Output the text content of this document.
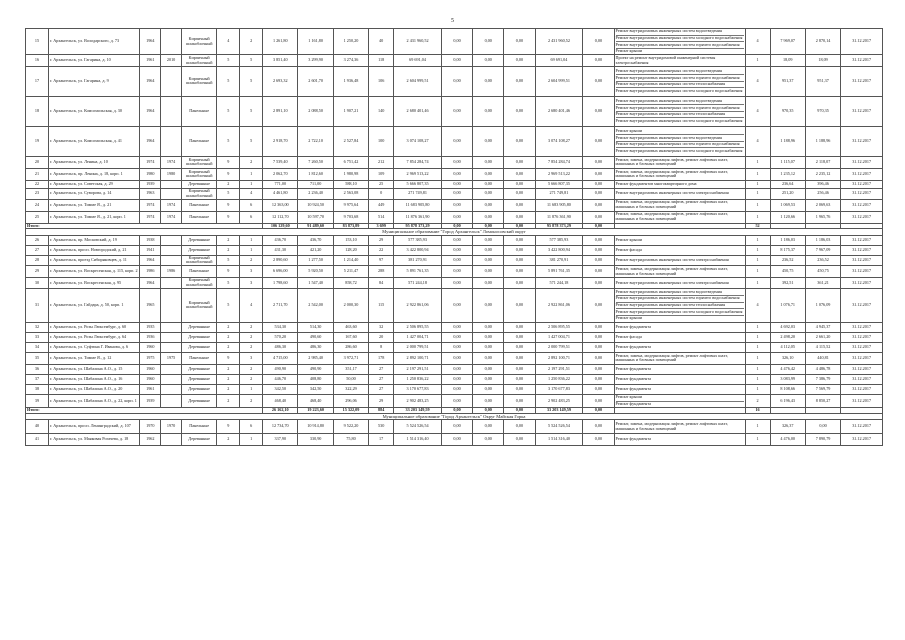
5
15	г. Архангельск, ул. Володарского, д. 73	1964		Кирпичный шлакоблочный	4	2	1 261,80	1 161,80	1 250,20	40	2 431 960,52	0,00	0,00	0,00	2 431 960,52	0,00	Ремонт внутридомовых инженерных систем водоотведения
Ремонт внутридомовых инженерных систем холодного водоснабжения
Ремонт внутридомовых инженерных систем горячего водоснабжения
Ремонт крыши	4	7 969,07	2 870,14	31.12.2017
16	г. Архангельск, ул. Гагарина, д. 10	1961	2010	Кирпичный шлакоблочный	5	5	3 851,40	3 299,90	3 274,36	118	69 691,04	0,00	0,00	0,00	69 691,04	0,00	Проект на ремонт внутридомовой инженерной системы электроснабжения	1	18,09	18,09	31.12.2017
17	г. Архангельск, ул. Гагарина, д. 9	1964		Кирпичный шлакоблочный	5	5	2 693,32	2 601,70	1 936,48	106	2 604 999,51	0,00	0,00	0,00	2 604 999,51	0,00	Ремонт внутридомовых инженерных систем водоотведения
Ремонт внутридомовых инженерных систем горячего водоснабжения
Ремонт внутридомовых инженерных систем теплоснабжения
Ремонт внутридомовых инженерных систем холодного водоснабжения	4	951,37	951,37	31.12.2017
18	г. Архангельск, ул. Комсомольская, д. 30	1964		Панельные	5	5	2 891,10	2 088,50	1 907,21	140	2 680 401,46	0,00	0,00	0,00	2 680 401,46	0,00	Ремонт внутридомовых инженерных систем водоотведения
Ремонт внутридомовых инженерных систем горячего водоснабжения
Ремонт внутридомовых инженерных систем теплоснабжения
Ремонт внутридомовых инженерных систем холодного водоснабжения	4	970,35	970,35	31.12.2017
19	г. Архангельск, ул. Комсомольская, д. 41	1964		Панельные	5	5	2 918,70	2 722,10	2 527,84	100	3 074 108,27	0,00	0,00	0,00	3 074 108,27	0,00	Ремонт крыши
Ремонт внутридомовых инженерных систем водоотведения
Ремонт внутридомовых инженерных систем горячего водоснабжения
Ремонт внутридомовых инженерных систем холодного водоснабжения	4	1 188,96	1 188,96	31.12.2017
20	г. Архангельск, ул. Ленина, д. 10	1974	1974	Кирпичный шлакоблочный	9	2	7 539,40	7 260,50	6 751,42	212	7 854 284,74	0,00	0,00	0,00	7 854 284,74	0,00	Ремонт, замена, модернизация лифтов, ремонт лифтовых шахт, машинных и блочных помещений	1	1 115,07	2 118,07	31.12.2017
21	г. Архангельск, пр. Ленина, д. 18, корп. 1	1980	1980	Кирпичный шлакоблочный	9	1	2 062,70	1 812,60	1 980,98	109	2 969 513,22	0,00	0,00	0,00	2 969 513,22	0,00	Ремонт, замена, модернизация лифтов, ремонт лифтовых шахт, машинных и блочных помещений	1	1 235,12	2 235,12	31.12.2017
22	г. Архангельск, ул. Советская, д. 29	1939		Деревянные	2	1	771,00	711,00	588,10	25	5 666 807,35	0,00	0,00	0,00	5 666 807,35	0,00	Ремонт фундаментов многоквартирного дома	1	236,64	396,46	31.12.2017
23	г. Архангельск, ул. Суворова, д. 14	1963		Кирпичный шлакоблочный	5	4	4 461,80	2 236,40	2 563,08	0	271 749,81	0,00	0,00	0,00	271 749,81	0,00	Ремонт внутридомовых инженерных систем электроснабжения	1	251,20	256,46	31.12.2017
24	г. Архангельск, ул. Тимме Я., д. 21	1974	1974	Панельные	9	6	12 363,00	10 924,50	9 975,64	449	11 683 905,80	0,00	0,00	0,00	11 683 905,80	0,00	Ремонт, замена, модернизация лифтов, ремонт лифтовых шахт, машинных и блочных помещений	1	1 069,53	2 069,63	31.12.2017
25	г. Архангельск, ул. Тимме Я., д. 21, корп. 1	1974	1974	Панельные	9	6	12 112,70	10 597,70	9 703,68	514	11 876 361,90	0,00	0,00	0,00	11 876 361,90	0,00	Ремонт, замена, модернизация лифтов, ремонт лифтовых шахт, машинных и блочных помещений	1	1 120,66	1 965,76	31.12.2017
Итого:							106 129,60	91 489,60	83 873,89	3 699	95 878 373,29	0,00	0,00	0,00	95 878 373,29	0,00		52			
Муниципальное образование "Город Архангельск" Ломоносовский округ																					
26	г. Архангельск, пр. Московский, д. 19	1938		Деревянные	2	1	436,70	436,70	153,10	29	577 385,93	0,00	0,00	0,00	577 385,93	0,00	Ремонт крыши	1	1 186,03	1 186,03	31.12.2017
27	г. Архангельск, просп. Новгородский, д. 21	1941		Деревянные	2	1	431,30	421,20	128,20	22	3 422 800,94	0,00	0,00	0,00	3 422 800,94	0,00	Ремонт фасада	1	8 175,37	7 967,09	31.12.2017
28	г. Архангельск, проезд Сибиряковцев, д. 11	1964		Кирпичный шлакоблочный	5	2	2 890,60	1 277,50	1 214,40	97	381 270,91	0,00	0,00	0,00	381 270,91	0,00	Ремонт внутридомовых инженерных систем электроснабжения	1	236,52	236,52	31.12.2017
29	г. Архангельск, ул. Воскресенская, д. 115, корп. 2	1986	1986	Панельные	9	3	6 696,00	5 920,50	5 211,47	288	5 891 761,35	0,00	0,00	0,00	5 891 761,35	0,00	Ремонт, замена, модернизация лифтов, ремонт лифтовых шахт, машинных и блочных помещений	1	450,75	450,75	31.12.2017
30	г. Архангельск, ул. Воскресенская, д. 95	1964		Кирпичный шлакоблочный	5	3	1 798,60	1 547,40	858,72	84	571 244,18	0,00	0,00	0,00	571 244,18	0,00	Ремонт внутридомовых инженерных систем электроснабжения	1	392,51	361,21	31.12.2017
31	г. Архангельск, ул. Гайдара, д. 50, корп. 1	1965		Кирпичный шлакоблочный	5	4	2 711,70	2 542,00	2 000,30	115	2 922 861,06	0,00	0,00	0,00	2 922 861,06	0,00	Ремонт внутридомовых инженерных систем водоотведения
Ремонт внутридомовых инженерных систем горячего водоснабжения
Ремонт внутридомовых инженерных систем теплоснабжения
Ремонт внутридомовых инженерных систем холодного водоснабжения
Ремонт крыши	4	1 076,71	1 076,09	31.12.2017
32	г. Архангельск, ул. Розы Люксембург, д. 60	1935		Деревянные	2	2	534,30	514,30	463,60	32	2 506 895,55	0,00	0,00	0,00	2 506 895,55	0,00	Ремонт фундамента	1	4 692,03	4 945,37	31.12.2017
33	г. Архангельск, ул. Розы Люксембург, д. 64	1936		Деревянные	2	2	570,20	490,60	167,60	20	1 427 004,71	0,00	0,00	0,00	1 427 004,71	0,00	Ремонт фасада	1	2 498,20	2 661,20	31.12.2017
34	г. Архангельск, ул. Суфтина Г. Ивановa, д. 6	1960		Деревянные	2	2	486,30	486,30	286,60	8	2 000 799,51	0,00	0,00	0,00	2 000 799,51	0,00	Ремонт фундамента	1	4 112,05	4 115,52	31.12.2017
35	г. Архангельск, ул. Тимме Я., д. 12	1975	1975	Панельные	9	3	4 715,00	2 985,40	3 972,71	178	2 892 100,71	0,00	0,00	0,00	2 892 100,71	0,00	Ремонт, замена, модернизация лифтов, ремонт лифтовых шахт, машинных и блочных помещений	1	326,10	440,81	31.12.2017
36	г. Архангельск, ул. Шабалина А.О., д. 15	1960		Деревянные	2	2	490,90	490,90	351,17	27	2 197 291,51	0,00	0,00	0,00	2 197 291,51	0,00	Ремонт фундамента	1	4 476,42	4 486,78	31.12.2017
37	г. Архангельск, ул. Шабалина А.О., д. 16	1960		Деревянные	2	2	446,70	408,80	50,00	27	1 250 836,22	0,00	0,00	0,00	1 250 836,22	0,00	Ремонт фундамента	1	3 083,99	7 386,79	31.12.2017
38	г. Архангельск, ул. Шабалина А.О., д. 20	1961		Деревянные	2	1	342,50	342,50	322,29	27	3 170 677,83	0,00	0,00	0,00	3 170 677,83	0,00	Ремонт фундамента	1	8 108,66	7 569,79	31.12.2017
39	г. Архангельск, ул. Шабалина А.О., д. 22, корп. 1	1939		Деревянные	2	2	468,40	468,40	296,06	29	2 902 483,25	0,00	0,00	0,00	2 902 483,25	0,00	Ремонт крыши
Ремонт фундамента	2	6 196,43	8 850,27	31.12.2017
Итого:							26 162,10	19 223,60	15 322,09	884	33 203 149,59	0,00	0,00	0,00	33 203 149,59	0,00		16			
Муниципальное образование "Город Архангельск" Округ Майская Горка																					
40	г. Архангельск, просп. Ленинградский, д. 107	1970	1970	Панельные	9	6	12 734,70	10 914,80	9 522,20	530	5 524 526,54	0,00	0,00	0,00	5 524 526,54	0,00	Ремонт, замена, модернизация лифтов, ремонт лифтовых шахт, машинных и блочных помещений	1	326,37	0,00	31.12.2017
41	г. Архангельск, ул. Маяковая Рогачевa, д. 18	1962		Деревянные	2	1	337,90	330,90	75,80	17	1 514 316,40	0,00	0,00	0,00	1 514 316,40	0,00	Ремонт фундамента	1	4 476,00	7 890,79	31.12.2017
